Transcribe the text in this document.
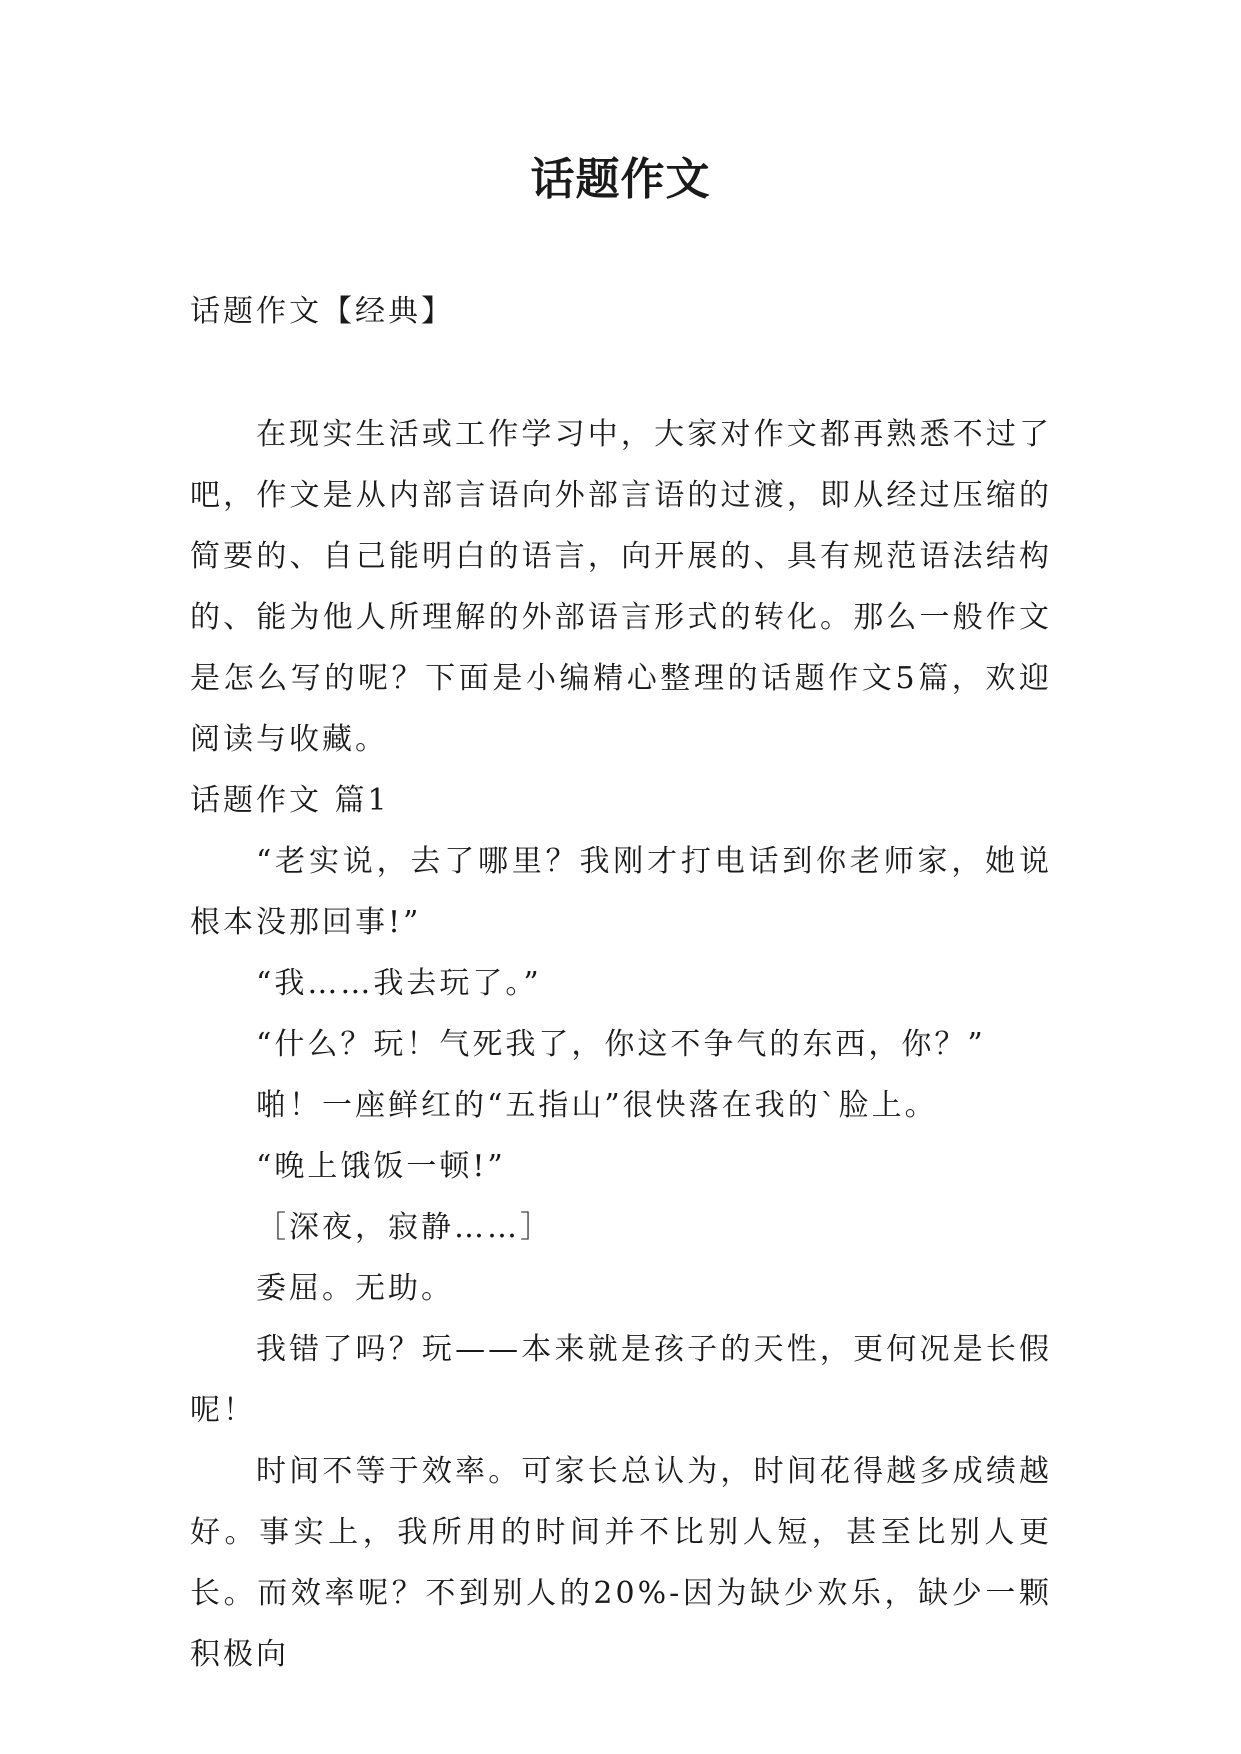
话题作文
话题作文【经典】

在现实生活或工作学习中，大家对作文都再熟悉不过了吧，作文是从内部言语向外部言语的过渡，即从经过压缩的简要的、自己能明白的语言，向开展的、具有规范语法结构的、能为他人所理解的外部语言形式的转化。那么一般作文是怎么写的呢？下面是小编精心整理的话题作文5篇，欢迎阅读与收藏。

话题作文 篇1

“老实说，去了哪里？我刚才打电话到你老师家，她说根本没那回事!”

“我……我去玩了。”

“什么？玩！气死我了，你这不争气的东西，你？”

啪！一座鲜红的“五指山”很快落在我的`脸上。

“晚上饿饭一顿!”

［深夜，寂静……］

委屈。无助。

我错了吗？玩——本来就是孩子的天性，更何况是长假呢！

时间不等于效率。可家长总认为，时间花得越多成绩越好。事实上，我所用的时间并不比别人短，甚至比别人更长。而效率呢？不到别人的20%-因为缺少欢乐，缺少一颗积极向
